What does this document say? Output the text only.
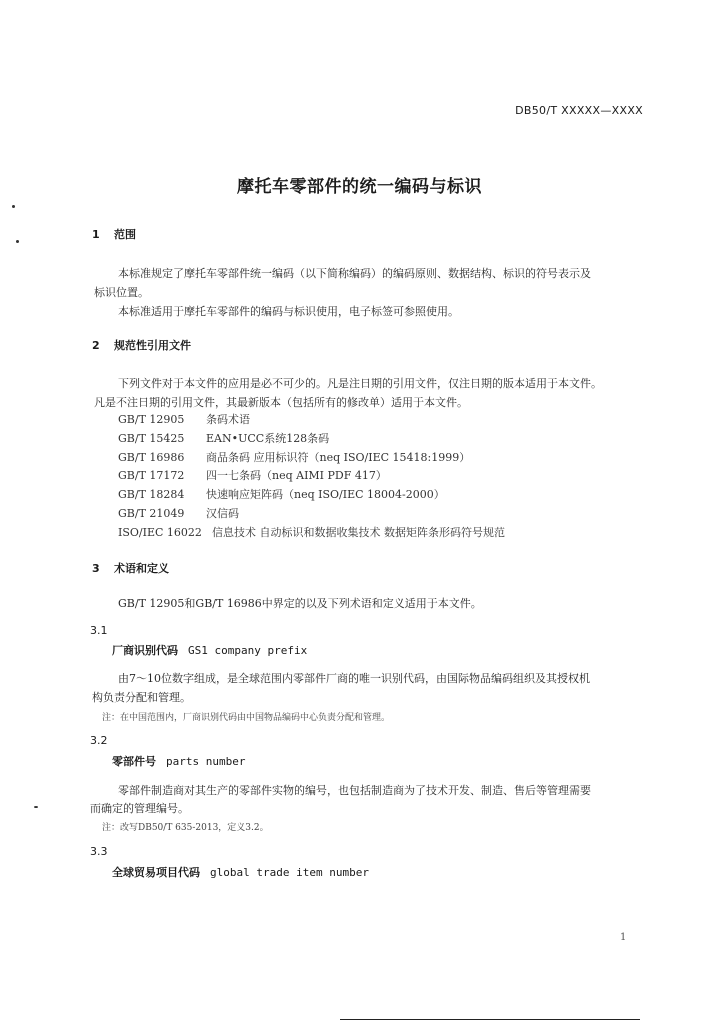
DB50/T XXXXX—XXXX
摩托车零部件的统一编码与标识
1 范围
本标准规定了摩托车零部件统一编码（以下简称编码）的编码原则、数据结构、标识的符号表示及
标识位置。
本标准适用于摩托车零部件的编码与标识使用，电子标签可参照使用。
2 规范性引用文件
下列文件对于本文件的应用是必不可少的。凡是注日期的引用文件，仅注日期的版本适用于本文件。
凡是不注日期的引用文件，其最新版本（包括所有的修改单）适用于本文件。
GB/T 12905 条码术语
GB/T 15425 EAN•UCC系统128条码
GB/T 16986 商品条码 应用标识符（neq ISO/IEC 15418:1999）
GB/T 17172 四一七条码（neq AIMI PDF 417）
GB/T 18284 快速响应矩阵码（neq ISO/IEC 18004-2000）
GB/T 21049 汉信码
ISO/IEC 16022 信息技术 自动标识和数据收集技术 数据矩阵条形码符号规范
3 术语和定义
GB/T 12905和GB/T 16986中界定的以及下列术语和定义适用于本文件。
3.1
厂商识别代码 GS1 company prefix
由7～10位数字组成，是全球范围内零部件厂商的唯一识别代码，由国际物品编码组织及其授权机
构负责分配和管理。
注：在中国范围内，厂商识别代码由中国物品编码中心负责分配和管理。
3.2
零部件号 parts number
零部件制造商对其生产的零部件实物的编号，也包括制造商为了技术开发、制造、售后等管理需要
而确定的管理编号。
注：改写DB50/T 635-2013，定义3.2。
3.3
全球贸易项目代码 global trade item number
1
